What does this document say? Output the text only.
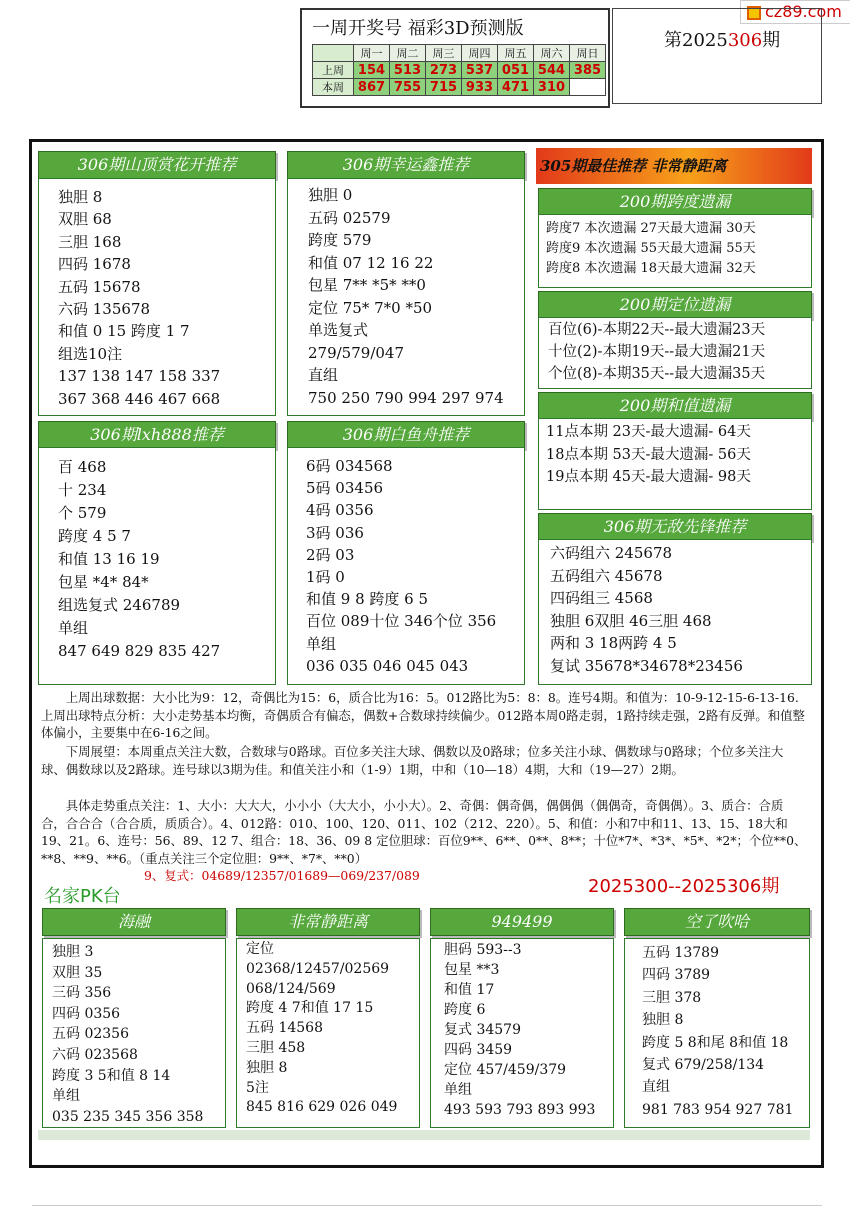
cz89.com
一周开奖号 福彩3D预测版
	周一	周二	周三	周四	周五	周六	周日
上周	154	513	273	537	051	544	385
本周	867	755	715	933	471	310	
第2025306期
306期山顶赏花开推荐
独胆 8
双胆 68
三胆 168
四码 1678
五码 15678
六码 135678
和值 0 15 跨度 1 7
组选10注
137 138 147 158 337
367 368 446 467 668
306期lxh888推荐
百 468
十 234
个 579
跨度 4 5 7
和值 13 16 19
包星 *4* 84*
组选复式 246789
单组
847 649 829 835 427
306期幸运鑫推荐
独胆 0
五码 02579
跨度 579
和值 07 12 16 22
包星 7** *5* **0
定位 75* 7*0 *50
单选复式
279/579/047
直组
750 250 790 994 297 974
306期白鱼舟推荐
6码 034568
5码 03456
4码 0356
3码 036
2码 03
1码 0
和值 9 8 跨度 6 5
百位 089十位 346个位 356
单组
036 035 046 045 043
305期最佳推荐 非常静距离
200期跨度遗漏
跨度7 本次遗漏 27天最大遗漏 30天
跨度9 本次遗漏 55天最大遗漏 55天
跨度8 本次遗漏 18天最大遗漏 32天
200期定位遗漏
百位(6)-本期22天--最大遗漏23天
十位(2)-本期19天--最大遗漏21天
个位(8)-本期35天--最大遗漏35天
200期和值遗漏
11点本期 23天-最大遗漏- 64天
18点本期 53天-最大遗漏- 56天
19点本期 45天-最大遗漏- 98天
306期无敌先锋推荐
六码组六 245678
五码组六 45678
四码组三 4568
独胆 6双胆 46三胆 468
两和 3 18两跨 4 5
复试 35678*34678*23456
　　上周出球数据：大小比为9：12，奇偶比为15：6，质合比为16：5。012路比为5：8：8。连号4期。和值为：10-9-12-15-6-13-16.上周出球特点分析：大小走势基本均衡，奇偶质合有偏态，偶数+合数球持续偏少。012路本周0路走弱，1路持续走强，2路有反弹。和值整体偏小，主要集中在6-16之间。
　　下周展望：本周重点关注大数，合数球与0路球。百位多关注大球、偶数以及0路球；位多关注小球、偶数球与0路球；个位多关注大球、偶数球以及2路球。连号球以3期为佳。和值关注小和（1-9）1期，中和（10—18）4期，大和（19—27）2期。
　　具体走势重点关注：1、大小：大大大，小小小（大大小，小小大）。2、奇偶：偶奇偶，偶偶偶（偶偶奇，奇偶偶）。3、质合：合质合，合合合（合合质，质质合）。4、012路：010、100、120、011、102（212、220）。5、和值：小和7中和11、13、15、18大和19、21。6、连号：56、89、12 7、组合：18、36、09 8 定位胆球：百位9**、6**、0**、8**；十位*7*、*3*、*5*、*2*；个位**0、**8、**9、**6。（重点关注三个定位胆：9**、*7*、**0）
9、复式：04689/12357/01689—069/237/089
名家PK台	2025300--2025306期
海融
独胆 3
双胆 35
三码 356
四码 0356
五码 02356
六码 023568
跨度 3 5和值 8 14
单组
035 235 345 356 358
非常静距离
定位
02368/12457/02569
068/124/569
跨度 4 7和值 17 15
五码 14568
三胆 458
独胆 8
5注
845 816 629 026 049
949499
胆码 593--3
包星 **3
和值 17
跨度 6
复式 34579
四码 3459
定位 457/459/379
单组
493 593 793 893 993
空了吹哈
五码 13789
四码 3789
三胆 378
独胆 8
跨度 5 8和尾 8和值 18
复式 679/258/134
直组
981 783 954 927 781
